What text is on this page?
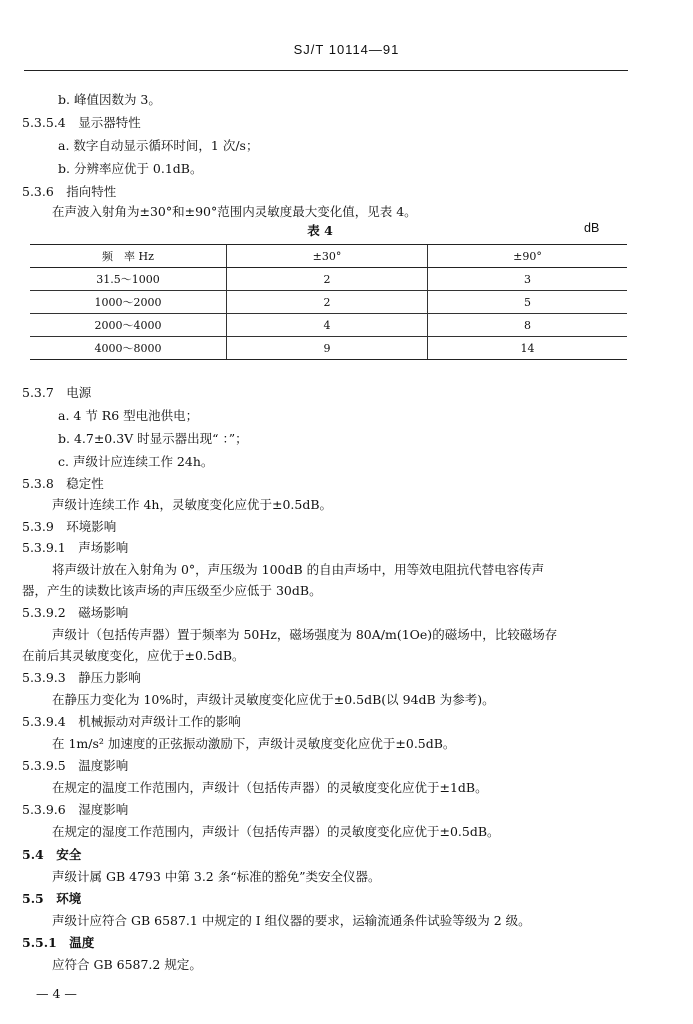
SJ/T 10114—91
b. 峰值因数为 3。
5.3.5.4　显示器特性
a. 数字自动显示循环时间，1 次/s；
b. 分辨率应优于 0.1dB。
5.3.6　指向特性
在声波入射角为±30°和±90°范围内灵敏度最大变化值，见表 4。
表 4	dB
频　率 Hz	±30°	±90°
31.5～1000	2	3
1000～2000	2	5
2000～4000	4	8
4000～8000	9	14
5.3.7　电源
a. 4 节 R6 型电池供电；
b. 4.7±0.3V 时显示器出现“ ：”；
c. 声级计应连续工作 24h。
5.3.8　稳定性
声级计连续工作 4h，灵敏度变化应优于±0.5dB。
5.3.9　环境影响
5.3.9.1　声场影响
将声级计放在入射角为 0°，声压级为 100dB 的自由声场中，用等效电阻抗代替电容传声
器，产生的读数比该声场的声压级至少应低于 30dB。
5.3.9.2　磁场影响
声级计（包括传声器）置于频率为 50Hz，磁场强度为 80A/m(1Oe)的磁场中，比较磁场存
在前后其灵敏度变化，应优于±0.5dB。
5.3.9.3　静压力影响
在静压力变化为 10%时，声级计灵敏度变化应优于±0.5dB(以 94dB 为参考)。
5.3.9.4　机械振动对声级计工作的影响
在 1m/s² 加速度的正弦振动激励下，声级计灵敏度变化应优于±0.5dB。
5.3.9.5　温度影响
在规定的温度工作范围内，声级计（包括传声器）的灵敏度变化应优于±1dB。
5.3.9.6　湿度影响
在规定的湿度工作范围内，声级计（包括传声器）的灵敏度变化应优于±0.5dB。
5.4　安全
声级计属 GB 4793 中第 3.2 条“标准的豁免”类安全仪器。
5.5　环境
声级计应符合 GB 6587.1 中规定的 Ⅰ 组仪器的要求，运输流通条件试验等级为 2 级。
5.5.1　温度
应符合 GB 6587.2 规定。
— 4 —
